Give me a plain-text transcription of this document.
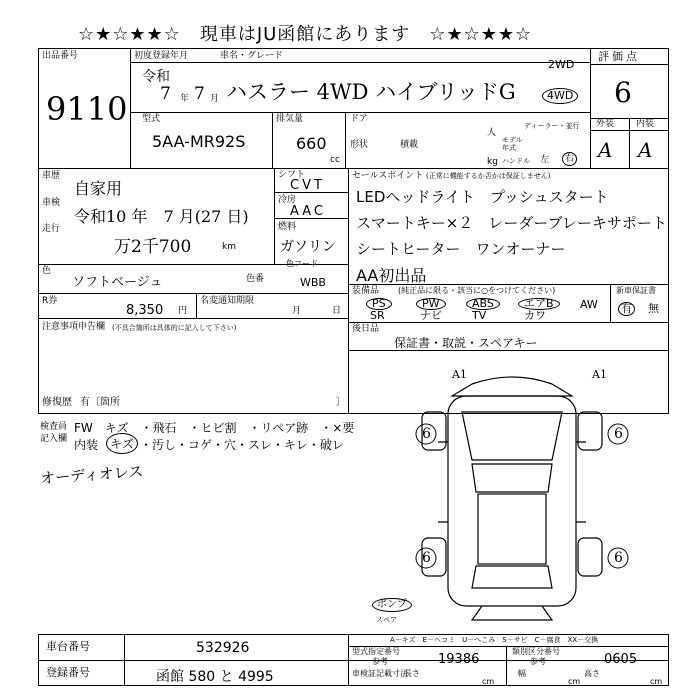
☆★☆★★☆　現車はJU函館にあります　☆★☆★★☆
出品番号
9110
初度登録年月	車名・グレード
令和
7 年 7 月 ハスラー 4WD ハイブリッドG
2WD
4WD
型式
5AA-MR92S
排気量
660
cc
ドア
形状	積載
kg
人
ディーラー・並行
モデル年式
ハンドル 左	右
評価点
6
外装 内装
A A
車歴
自家用
車検
令和10 年　7 月(27 日)
走行
万2千700	km
シフト
CVT
冷房
AAC
燃料
ガソリン
色
ソフトベージュ	色番
色コード
WBB
R券
8,350 円
名変通知期限
月	日
注意事項申告欄 (不具合箇所は具体的に記入して下さい)
修復歴 有〔箇所	〕
セールスポイント (正常に機能するか否かは保証しません)
LEDヘッドライト　プッシュスタート
スマートキー×２　レーダーブレーキサポート
シートヒーター　ワンオーナー
AA初出品
装備品 (純正品に限る・該当に○をつけてください)
PS	PW	ABS	エアB	AW
SR	ナビ	TV	カワ
新車保証書
有 無
後日品
保証書・取説・スペアキー
検査員
記入欄
FW　キズ　・飛石　・ヒビ割　・リペア跡　・×要
内装 キズ ・汚し・コゲ・穴・スレ・キレ・破レ
オーディオレス
A1	A1
6	6
6	6
ポンプ
スペア
車台番号	532926
登録番号	函館 580 と 4995
A－キズ　E－ヘコミ　U－へこみ　S－サビ　C－腐食　XX－交換
型式指定番号
参考	19386
類別区分番号
参考	0605
車検証記載寸法
長さ
cm
幅
cm
高さ
cm
